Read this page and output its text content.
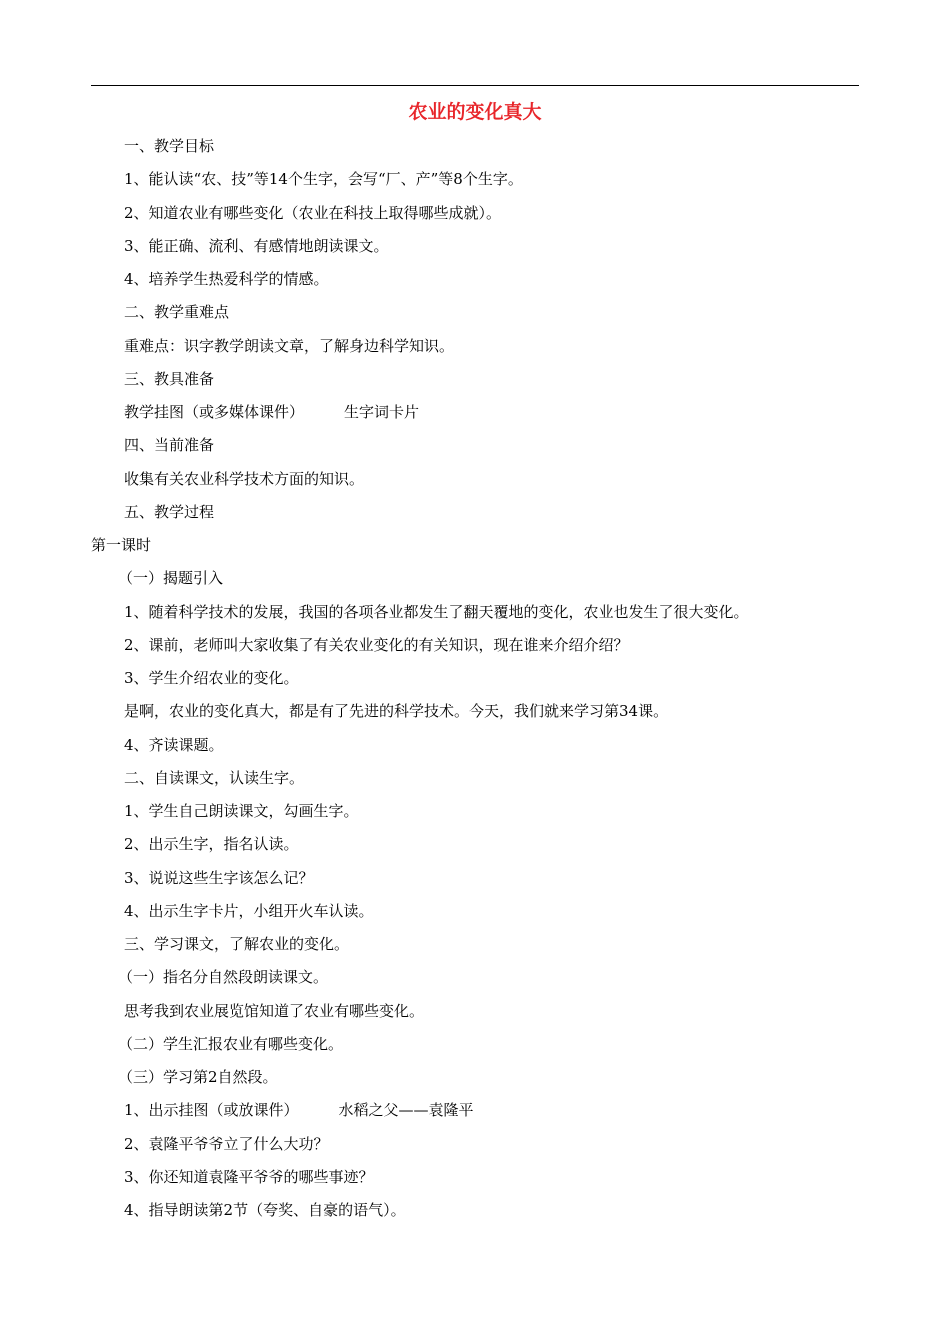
农业的变化真大
一、教学目标
1、能认读“农、技”等14个生字，会写“厂、产”等8个生字。
2、知道农业有哪些变化（农业在科技上取得哪些成就）。
3、能正确、流利、有感情地朗读课文。
4、培养学生热爱科学的情感。
二、教学重难点
重难点：识字教学朗读文章，了解身边科学知识。
三、教具准备
教学挂图（或多媒体课件）	生字词卡片
四、当前准备
收集有关农业科学技术方面的知识。
五、教学过程
第一课时
（一）揭题引入
1、随着科学技术的发展，我国的各项各业都发生了翻天覆地的变化，农业也发生了很大变化。
2、课前，老师叫大家收集了有关农业变化的有关知识，现在谁来介绍介绍？
3、学生介绍农业的变化。
是啊，农业的变化真大，都是有了先进的科学技术。今天，我们就来学习第34课。
4、齐读课题。
二、自读课文，认读生字。
1、学生自己朗读课文，勾画生字。
2、出示生字，指名认读。
3、说说这些生字该怎么记？
4、出示生字卡片，小组开火车认读。
三、学习课文，了解农业的变化。
（一）指名分自然段朗读课文。
思考我到农业展览馆知道了农业有哪些变化。
（二）学生汇报农业有哪些变化。
（三）学习第2自然段。
1、出示挂图（或放课件）	水稻之父——袁隆平
2、袁隆平爷爷立了什么大功？
3、你还知道袁隆平爷爷的哪些事迹？
4、指导朗读第2节（夸奖、自豪的语气）。
